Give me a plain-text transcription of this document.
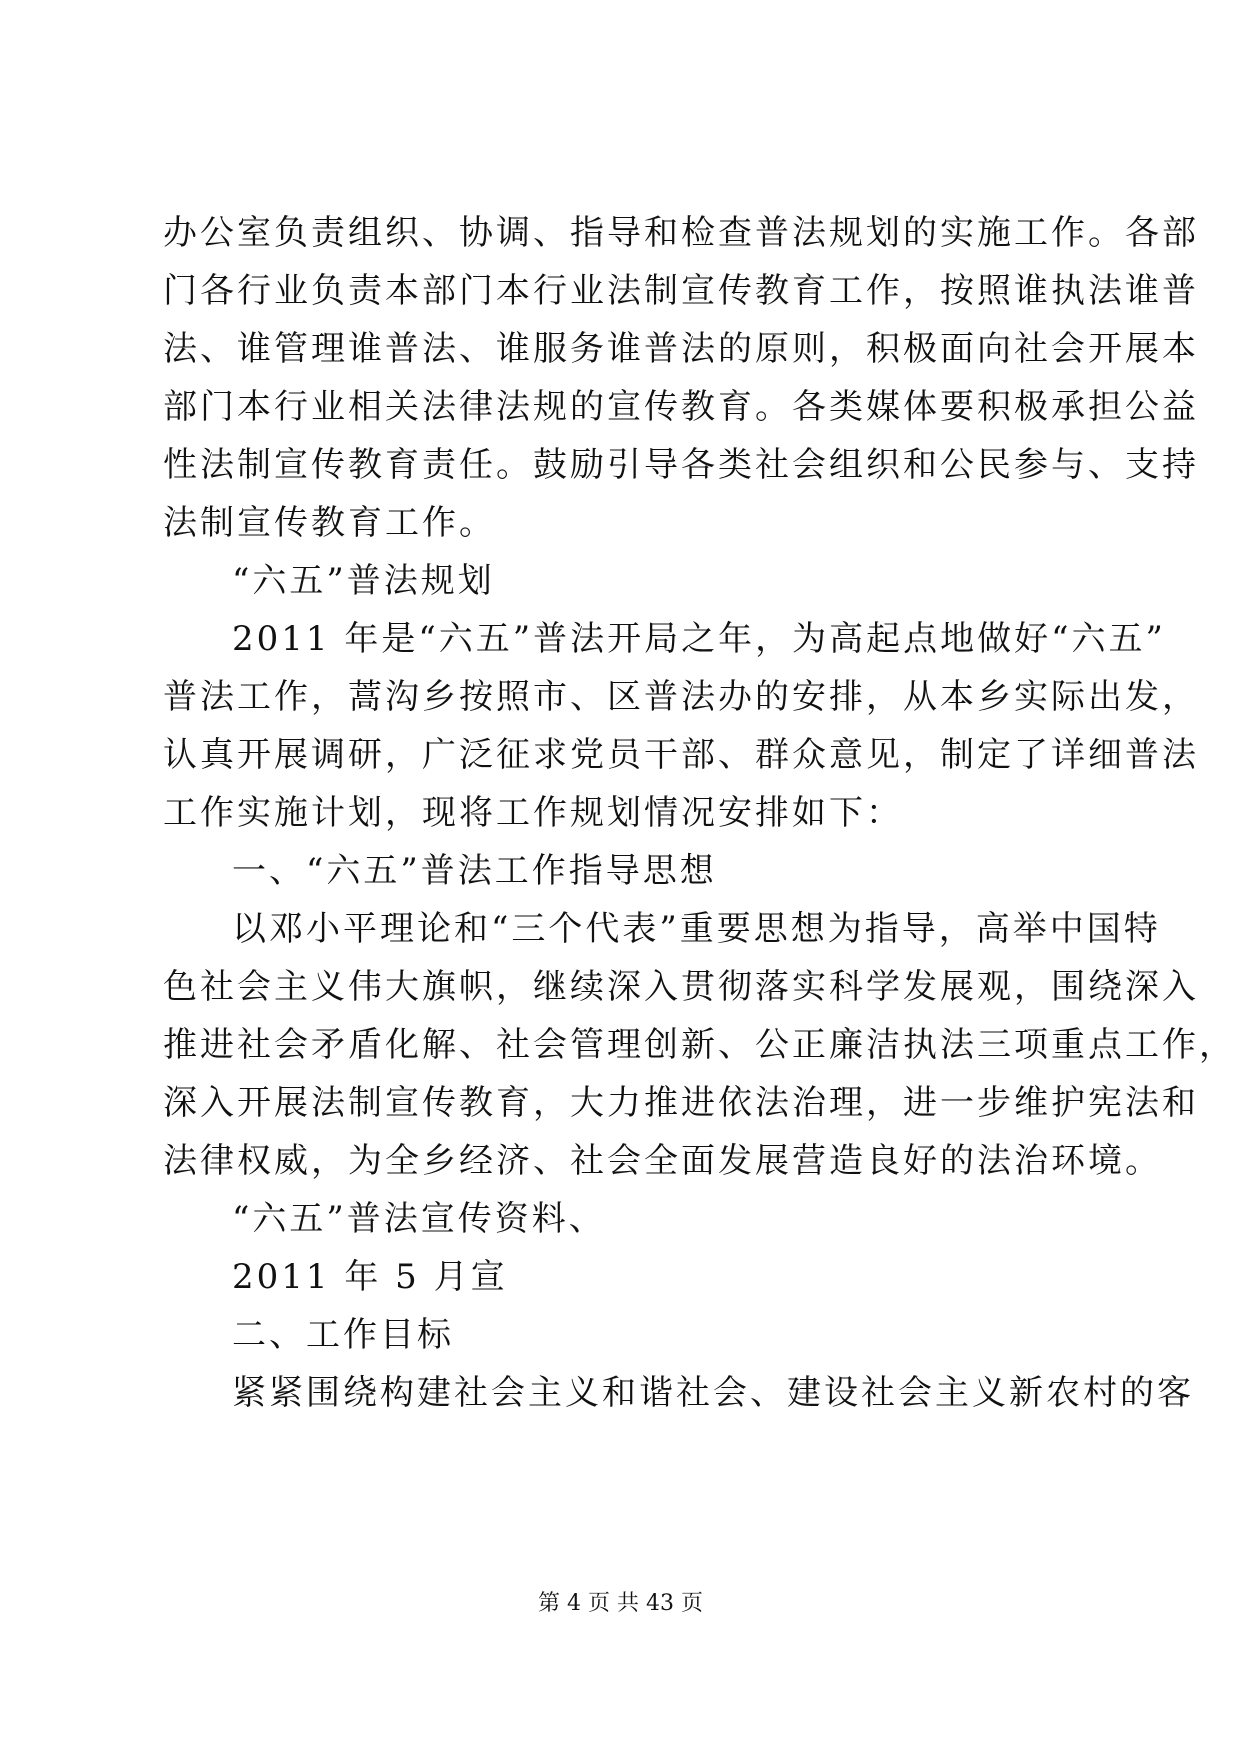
办公室负责组织、协调、指导和检查普法规划的实施工作。各部
门各行业负责本部门本行业法制宣传教育工作，按照谁执法谁普
法、谁管理谁普法、谁服务谁普法的原则，积极面向社会开展本
部门本行业相关法律法规的宣传教育。各类媒体要积极承担公益
性法制宣传教育责任。鼓励引导各类社会组织和公民参与、支持
法制宣传教育工作。
“六五”普法规划
2011 年是“六五”普法开局之年，为高起点地做好“六五”
普法工作，蒿沟乡按照市、区普法办的安排，从本乡实际出发，
认真开展调研，广泛征求党员干部、群众意见，制定了详细普法
工作实施计划，现将工作规划情况安排如下：
一、“六五”普法工作指导思想
以邓小平理论和“三个代表”重要思想为指导，高举中国特
色社会主义伟大旗帜，继续深入贯彻落实科学发展观，围绕深入
推进社会矛盾化解、社会管理创新、公正廉洁执法三项重点工作，
深入开展法制宣传教育，大力推进依法治理，进一步维护宪法和
法律权威，为全乡经济、社会全面发展营造良好的法治环境。
“六五”普法宣传资料、
2011 年 5 月宣
二、工作目标
紧紧围绕构建社会主义和谐社会、建设社会主义新农村的客
第 4 页 共 43 页
